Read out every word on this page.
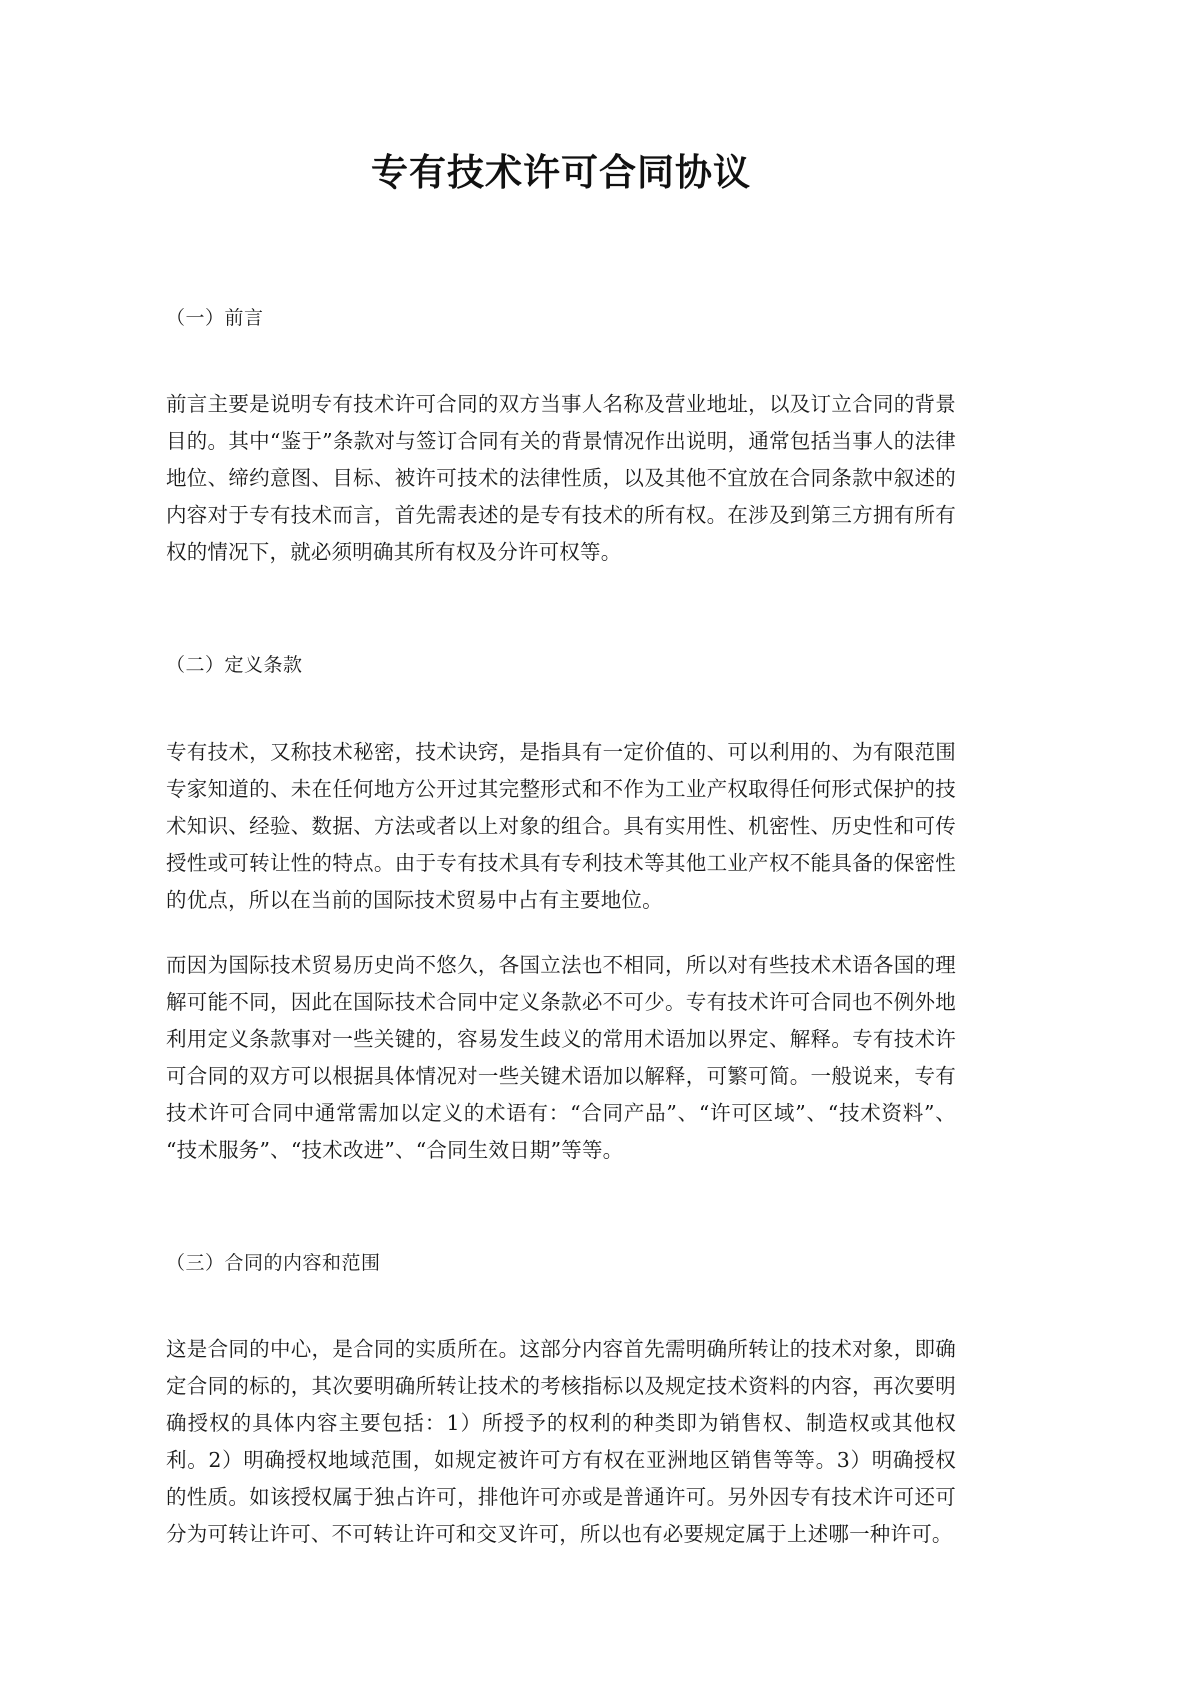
专有技术许可合同协议

（一）前言

前言主要是说明专有技术许可合同的双方当事人名称及营业地址，以及订立合同的背景目的。其中“鉴于”条款对与签订合同有关的背景情况作出说明，通常包括当事人的法律地位、缔约意图、目标、被许可技术的法律性质，以及其他不宜放在合同条款中叙述的内容对于专有技术而言，首先需表述的是专有技术的所有权。在涉及到第三方拥有所有权的情况下，就必须明确其所有权及分许可权等。

（二）定义条款

专有技术，又称技术秘密，技术诀窍，是指具有一定价值的、可以利用的、为有限范围专家知道的、未在任何地方公开过其完整形式和不作为工业产权取得任何形式保护的技术知识、经验、数据、方法或者以上对象的组合。具有实用性、机密性、历史性和可传授性或可转让性的特点。由于专有技术具有专利技术等其他工业产权不能具备的保密性的优点，所以在当前的国际技术贸易中占有主要地位。

而因为国际技术贸易历史尚不悠久，各国立法也不相同，所以对有些技术术语各国的理解可能不同，因此在国际技术合同中定义条款必不可少。专有技术许可合同也不例外地利用定义条款事对一些关键的，容易发生歧义的常用术语加以界定、解释。专有技术许可合同的双方可以根据具体情况对一些关键术语加以解释，可繁可简。一般说来，专有技术许可合同中通常需加以定义的术语有：“合同产品”、“许可区域”、“技术资料”、“技术服务”、“技术改进”、“合同生效日期”等等。

（三）合同的内容和范围

这是合同的中心，是合同的实质所在。这部分内容首先需明确所转让的技术对象，即确定合同的标的，其次要明确所转让技术的考核指标以及规定技术资料的内容，再次要明确授权的具体内容主要包括：1）所授予的权利的种类即为销售权、制造权或其他权利。2）明确授权地域范围，如规定被许可方有权在亚洲地区销售等等。3）明确授权的性质。如该授权属于独占许可，排他许可亦或是普通许可。另外因专有技术许可还可分为可转让许可、不可转让许可和交叉许可，所以也有必要规定属于上述哪一种许可。
